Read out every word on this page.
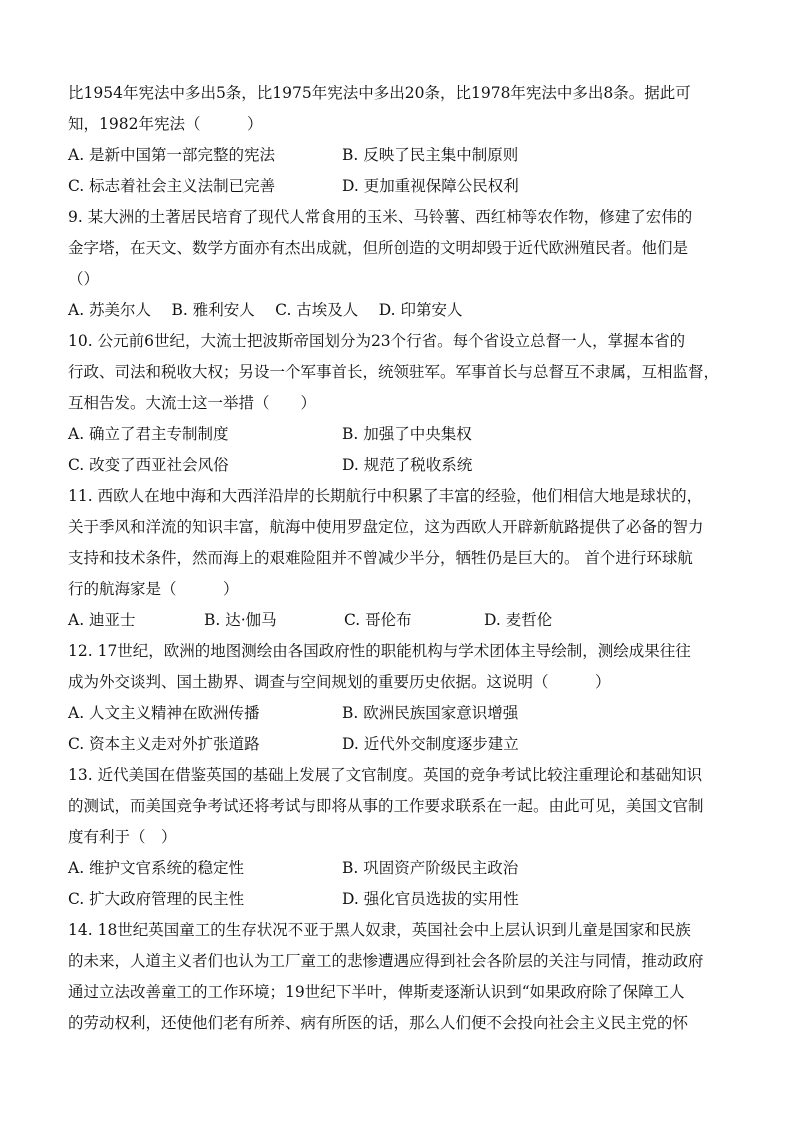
比1954年宪法中多出5条，比1975年宪法中多出20条，比1978年宪法中多出8条。据此可
知，1982年宪法（　　　）
A. 是新中国第一部完整的宪法	B. 反映了民主集中制原则
C. 标志着社会主义法制已完善	D. 更加重视保障公民权利
9. 某大洲的土著居民培育了现代人常食用的玉米、马铃薯、西红柿等农作物，修建了宏伟的
金字塔，在天文、数学方面亦有杰出成就，但所创造的文明却毁于近代欧洲殖民者。他们是
（）
A. 苏美尔人　 B. 雅利安人　 C. 古埃及人　 D. 印第安人
10. 公元前6世纪，大流士把波斯帝国划分为23个行省。每个省设立总督一人，掌握本省的
行政、司法和税收大权；另设一个军事首长，统领驻军。军事首长与总督互不隶属，互相监督，
互相告发。大流士这一举措（　　）
A. 确立了君主专制制度	B. 加强了中央集权
C. 改变了西亚社会风俗	D. 规范了税收系统
11. 西欧人在地中海和大西洋沿岸的长期航行中积累了丰富的经验，他们相信大地是球状的，
关于季风和洋流的知识丰富，航海中使用罗盘定位，这为西欧人开辟新航路提供了必备的智力
支持和技术条件，然而海上的艰难险阻并不曾减少半分，牺牲仍是巨大的。 首个进行环球航
行的航海家是（　　　）
A. 迪亚士	B. 达·伽马	C. 哥伦布	D. 麦哲伦
12. 17世纪，欧洲的地图测绘由各国政府性的职能机构与学术团体主导绘制，测绘成果往往
成为外交谈判、国土勘界、调查与空间规划的重要历史依据。这说明（　　　）
A. 人文主义精神在欧洲传播	B. 欧洲民族国家意识增强
C. 资本主义走对外扩张道路	D. 近代外交制度逐步建立
13. 近代美国在借鉴英国的基础上发展了文官制度。英国的竞争考试比较注重理论和基础知识
的测试，而美国竞争考试还将考试与即将从事的工作要求联系在一起。由此可见，美国文官制
度有利于（　）
A. 维护文官系统的稳定性	B. 巩固资产阶级民主政治
C. 扩大政府管理的民主性	D. 强化官员选拔的实用性
14. 18世纪英国童工的生存状况不亚于黑人奴隶，英国社会中上层认识到儿童是国家和民族
的未来，人道主义者们也认为工厂童工的悲惨遭遇应得到社会各阶层的关注与同情，推动政府
通过立法改善童工的工作环境；19世纪下半叶，俾斯麦逐渐认识到“如果政府除了保障工人
的劳动权利，还使他们老有所养、病有所医的话，那么人们便不会投向社会主义民主党的怀
